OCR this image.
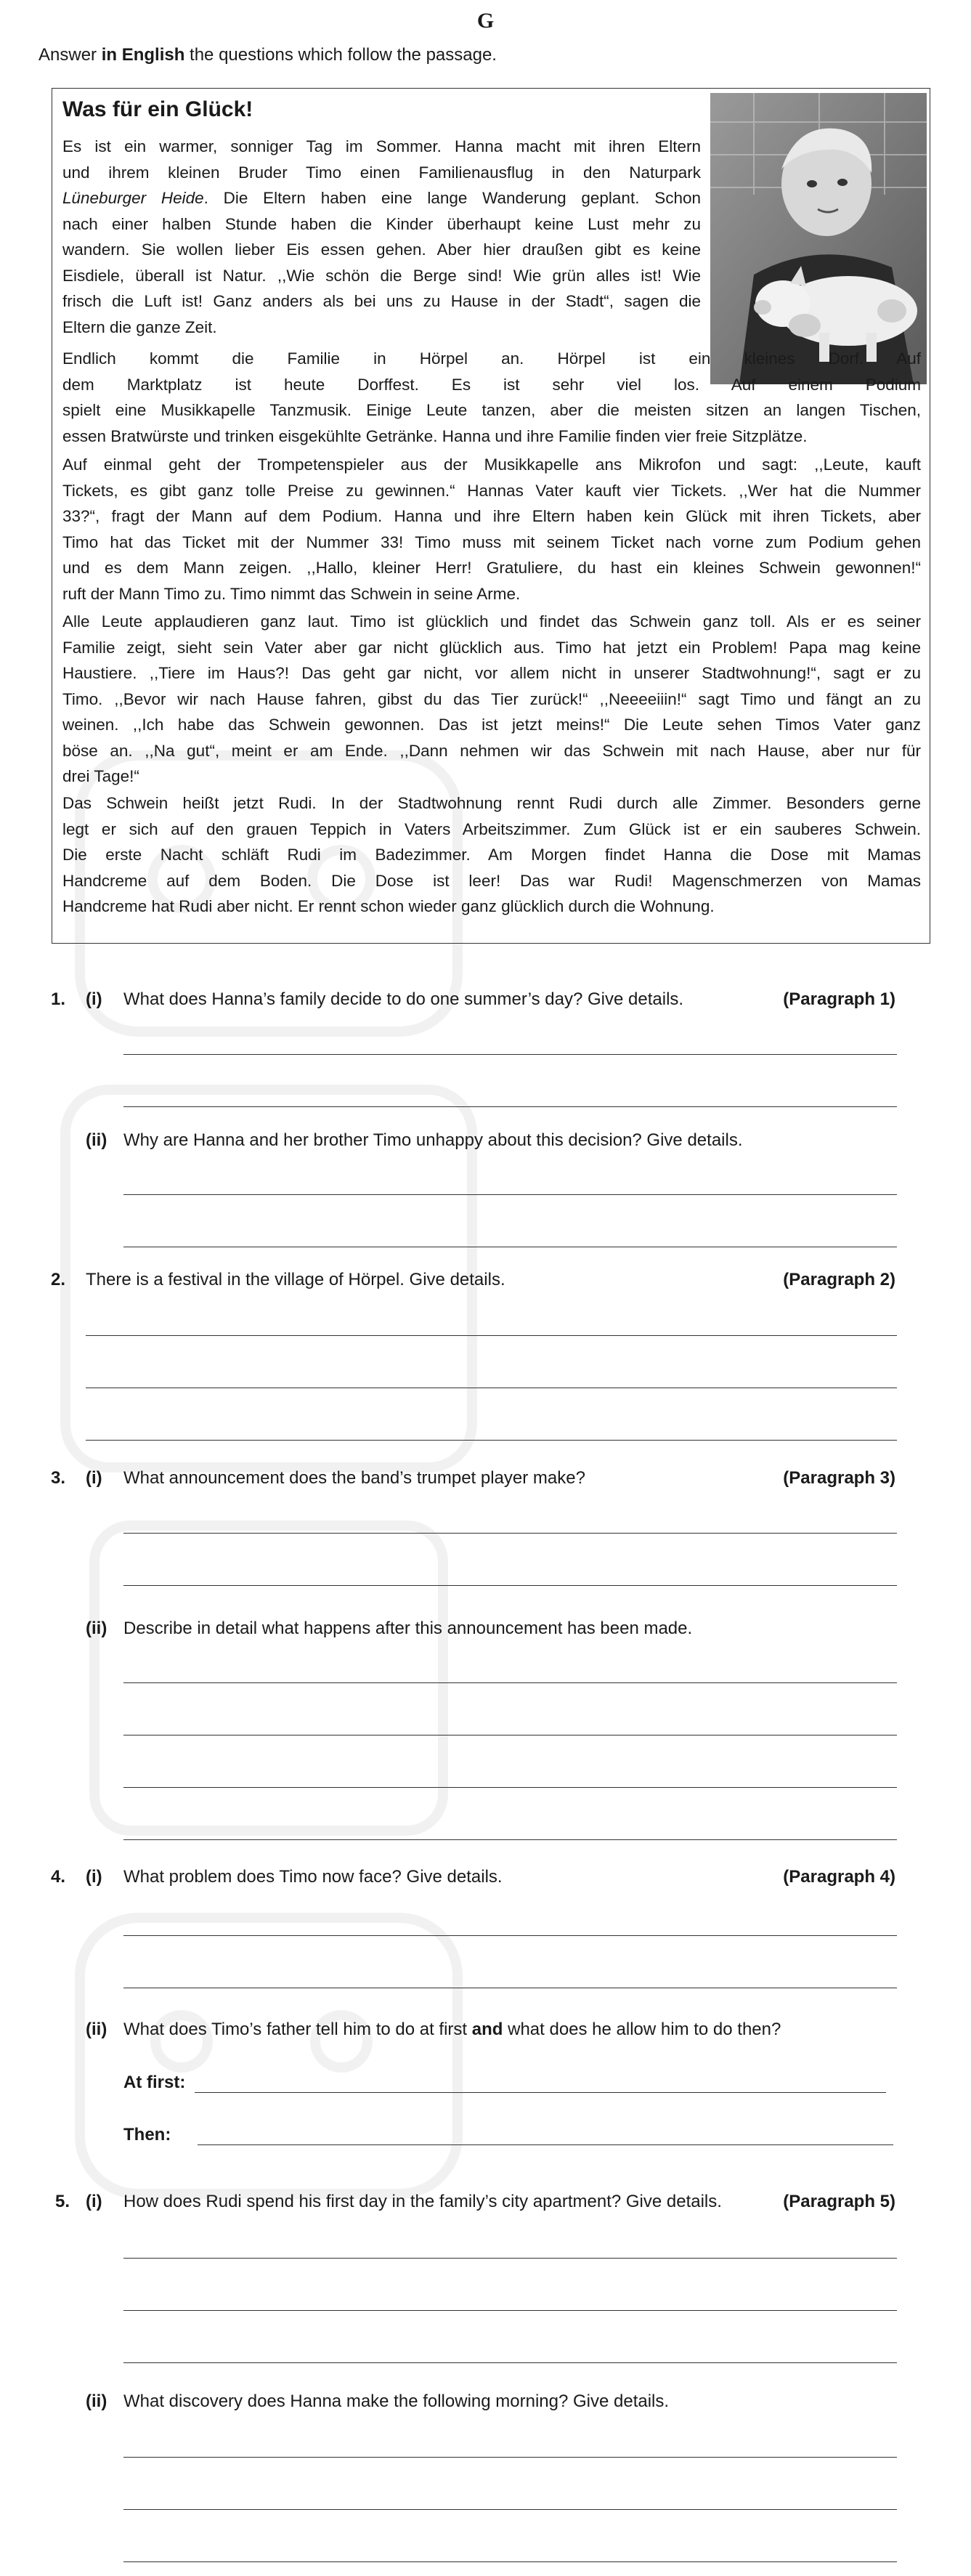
G
Answer in English the questions which follow the passage.
Was für ein Glück!
Es ist ein warmer, sonniger Tag im Sommer. Hanna macht mit ihren Eltern
und ihrem kleinen Bruder Timo einen Familienausflug in den Naturpark
Lüneburger Heide. Die Eltern haben eine lange Wanderung geplant. Schon
nach einer halben Stunde haben die Kinder überhaupt keine Lust mehr zu
wandern. Sie wollen lieber Eis essen gehen. Aber hier draußen gibt es keine
Eisdiele, überall ist Natur. ,,Wie schön die Berge sind! Wie grün alles ist! Wie
frisch die Luft ist! Ganz anders als bei uns zu Hause in der Stadt“, sagen die
Eltern die ganze Zeit.
Endlich kommt die Familie in Hörpel an. Hörpel ist ein kleines Dorf. Auf
dem Marktplatz ist heute Dorffest. Es ist sehr viel los. Auf einem Podium
spielt eine Musikkapelle Tanzmusik. Einige Leute tanzen, aber die meisten sitzen an langen Tischen,
essen Bratwürste und trinken eisgekühlte Getränke. Hanna und ihre Familie finden vier freie Sitzplätze.
Auf einmal geht der Trompetenspieler aus der Musikkapelle ans Mikrofon und sagt: ,,Leute, kauft
Tickets, es gibt ganz tolle Preise zu gewinnen.“ Hannas Vater kauft vier Tickets. ,,Wer hat die Nummer
33?“, fragt der Mann auf dem Podium. Hanna und ihre Eltern haben kein Glück mit ihren Tickets, aber
Timo hat das Ticket mit der Nummer 33! Timo muss mit seinem Ticket nach vorne zum Podium gehen
und es dem Mann zeigen. ,,Hallo, kleiner Herr! Gratuliere, du hast ein kleines Schwein gewonnen!“
ruft der Mann Timo zu. Timo nimmt das Schwein in seine Arme.
Alle Leute applaudieren ganz laut. Timo ist glücklich und findet das Schwein ganz toll. Als er es seiner
Familie zeigt, sieht sein Vater aber gar nicht glücklich aus. Timo hat jetzt ein Problem! Papa mag keine
Haustiere. ,,Tiere im Haus?! Das geht gar nicht, vor allem nicht in unserer Stadtwohnung!“, sagt er zu
Timo. ,,Bevor wir nach Hause fahren, gibst du das Tier zurück!“ ,,Neeeeiiin!“ sagt Timo und fängt an zu
weinen. ,,Ich habe das Schwein gewonnen. Das ist jetzt meins!“ Die Leute sehen Timos Vater ganz
böse an. ,,Na gut“, meint er am Ende. ,,Dann nehmen wir das Schwein mit nach Hause, aber nur für
drei Tage!“
Das Schwein heißt jetzt Rudi. In der Stadtwohnung rennt Rudi durch alle Zimmer. Besonders gerne
legt er sich auf den grauen Teppich in Vaters Arbeitszimmer. Zum Glück ist er ein sauberes Schwein.
Die erste Nacht schläft Rudi im Badezimmer. Am Morgen findet Hanna die Dose mit Mamas
Handcreme auf dem Boden. Die Dose ist leer! Das war Rudi! Magenschmerzen von Mamas
Handcreme hat Rudi aber nicht. Er rennt schon wieder ganz glücklich durch die Wohnung.
1. (i) What does Hanna’s family decide to do one summer’s day? Give details.	(Paragraph 1)
(ii) Why are Hanna and her brother Timo unhappy about this decision? Give details.
2. There is a festival in the village of Hörpel. Give details.	(Paragraph 2)
3. (i) What announcement does the band’s trumpet player make?	(Paragraph 3)
(ii) Describe in detail what happens after this announcement has been made.
4. (i) What problem does Timo now face? Give details.	(Paragraph 4)
(ii) What does Timo’s father tell him to do at first and what does he allow him to do then?
At first:
Then:
5. (i) How does Rudi spend his first day in the family’s city apartment? Give details.	(Paragraph 5)
(ii) What discovery does Hanna make the following morning? Give details.
